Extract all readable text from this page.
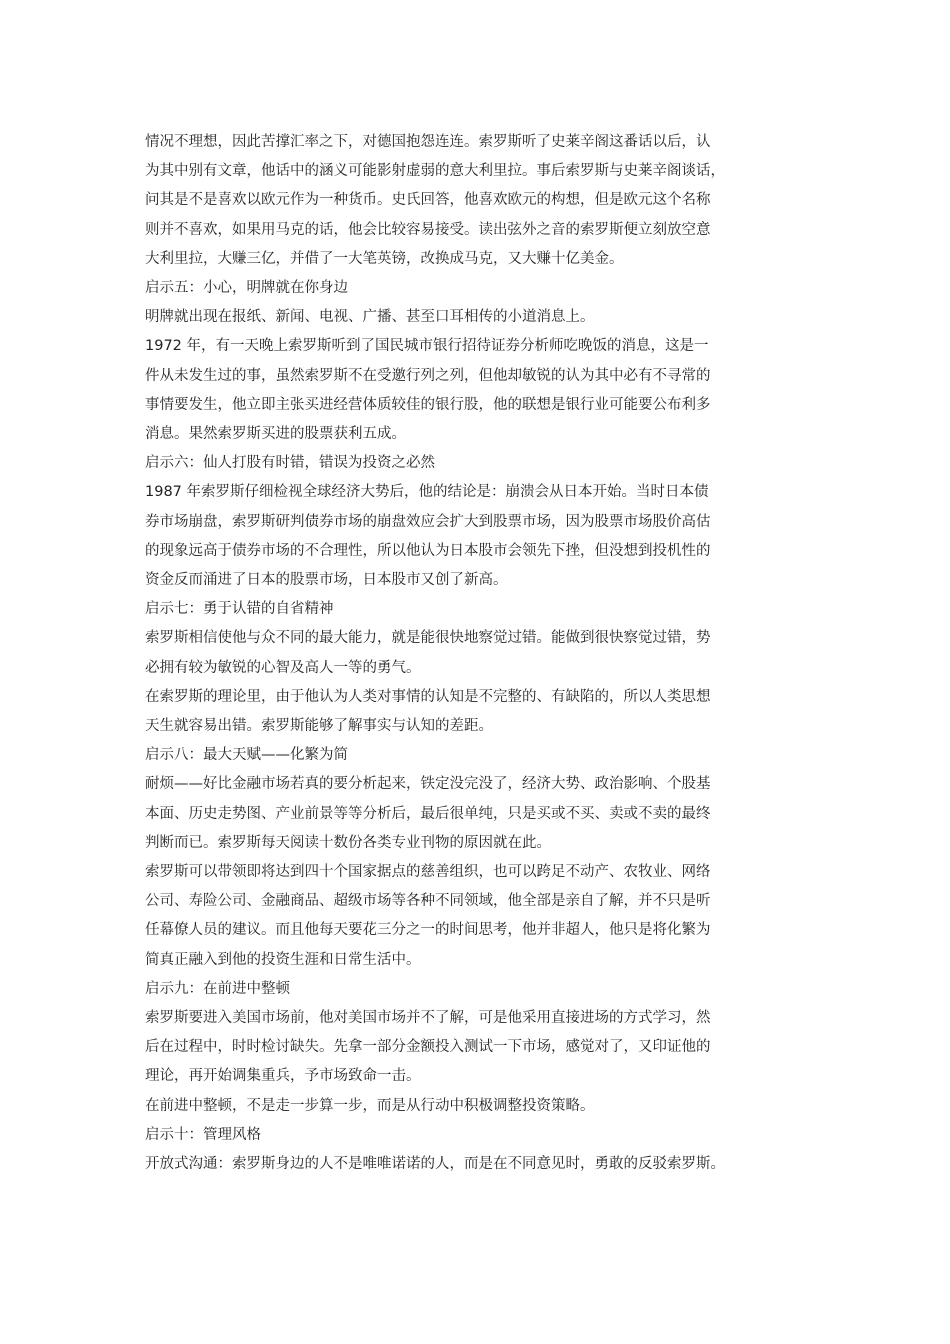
情况不理想，因此苦撑汇率之下，对德国抱怨连连。索罗斯听了史莱辛阁这番话以后，认

为其中别有文章，他话中的涵义可能影射虚弱的意大利里拉。事后索罗斯与史莱辛阁谈话，

问其是不是喜欢以欧元作为一种货币。史氏回答，他喜欢欧元的构想，但是欧元这个名称

则并不喜欢，如果用马克的话，他会比较容易接受。读出弦外之音的索罗斯便立刻放空意

大利里拉，大赚三亿，并借了一大笔英镑，改换成马克，又大赚十亿美金。

启示五：小心，明牌就在你身边

明牌就出现在报纸、新闻、电视、广播、甚至口耳相传的小道消息上。

1972 年，有一天晚上索罗斯听到了国民城市银行招待证券分析师吃晚饭的消息，这是一

件从未发生过的事，虽然索罗斯不在受邀行列之列，但他却敏锐的认为其中必有不寻常的

事情要发生，他立即主张买进经营体质较佳的银行股，他的联想是银行业可能要公布利多

消息。果然索罗斯买进的股票获利五成。

启示六：仙人打股有时错，错误为投资之必然

1987 年索罗斯仔细检视全球经济大势后，他的结论是：崩溃会从日本开始。当时日本债

券市场崩盘，索罗斯研判债券市场的崩盘效应会扩大到股票市场，因为股票市场股价高估

的现象远高于债券市场的不合理性，所以他认为日本股市会领先下挫，但没想到投机性的

资金反而涌进了日本的股票市场，日本股市又创了新高。

启示七：勇于认错的自省精神

索罗斯相信使他与众不同的最大能力，就是能很快地察觉过错。能做到很快察觉过错，势

必拥有较为敏锐的心智及高人一等的勇气。

在索罗斯的理论里，由于他认为人类对事情的认知是不完整的、有缺陷的，所以人类思想

天生就容易出错。索罗斯能够了解事实与认知的差距。

启示八：最大天赋——化繁为简

耐烦——好比金融市场若真的要分析起来，铁定没完没了，经济大势、政治影响、个股基

本面、历史走势图、产业前景等等分析后，最后很单纯，只是买或不买、卖或不卖的最终

判断而已。索罗斯每天阅读十数份各类专业刊物的原因就在此。

索罗斯可以带领即将达到四十个国家据点的慈善组织，也可以跨足不动产、农牧业、网络

公司、寿险公司、金融商品、超级市场等各种不同领域，他全部是亲自了解，并不只是听

任幕僚人员的建议。而且他每天要花三分之一的时间思考，他并非超人，他只是将化繁为

简真正融入到他的投资生涯和日常生活中。

启示九：在前进中整顿

索罗斯要进入美国市场前，他对美国市场并不了解，可是他采用直接进场的方式学习，然

后在过程中，时时检讨缺失。先拿一部分金额投入测试一下市场，感觉对了，又印证他的

理论，再开始调集重兵，予市场致命一击。

在前进中整顿，不是走一步算一步，而是从行动中积极调整投资策略。

启示十：管理风格

开放式沟通：索罗斯身边的人不是唯唯诺诺的人，而是在不同意见时，勇敢的反驳索罗斯。
